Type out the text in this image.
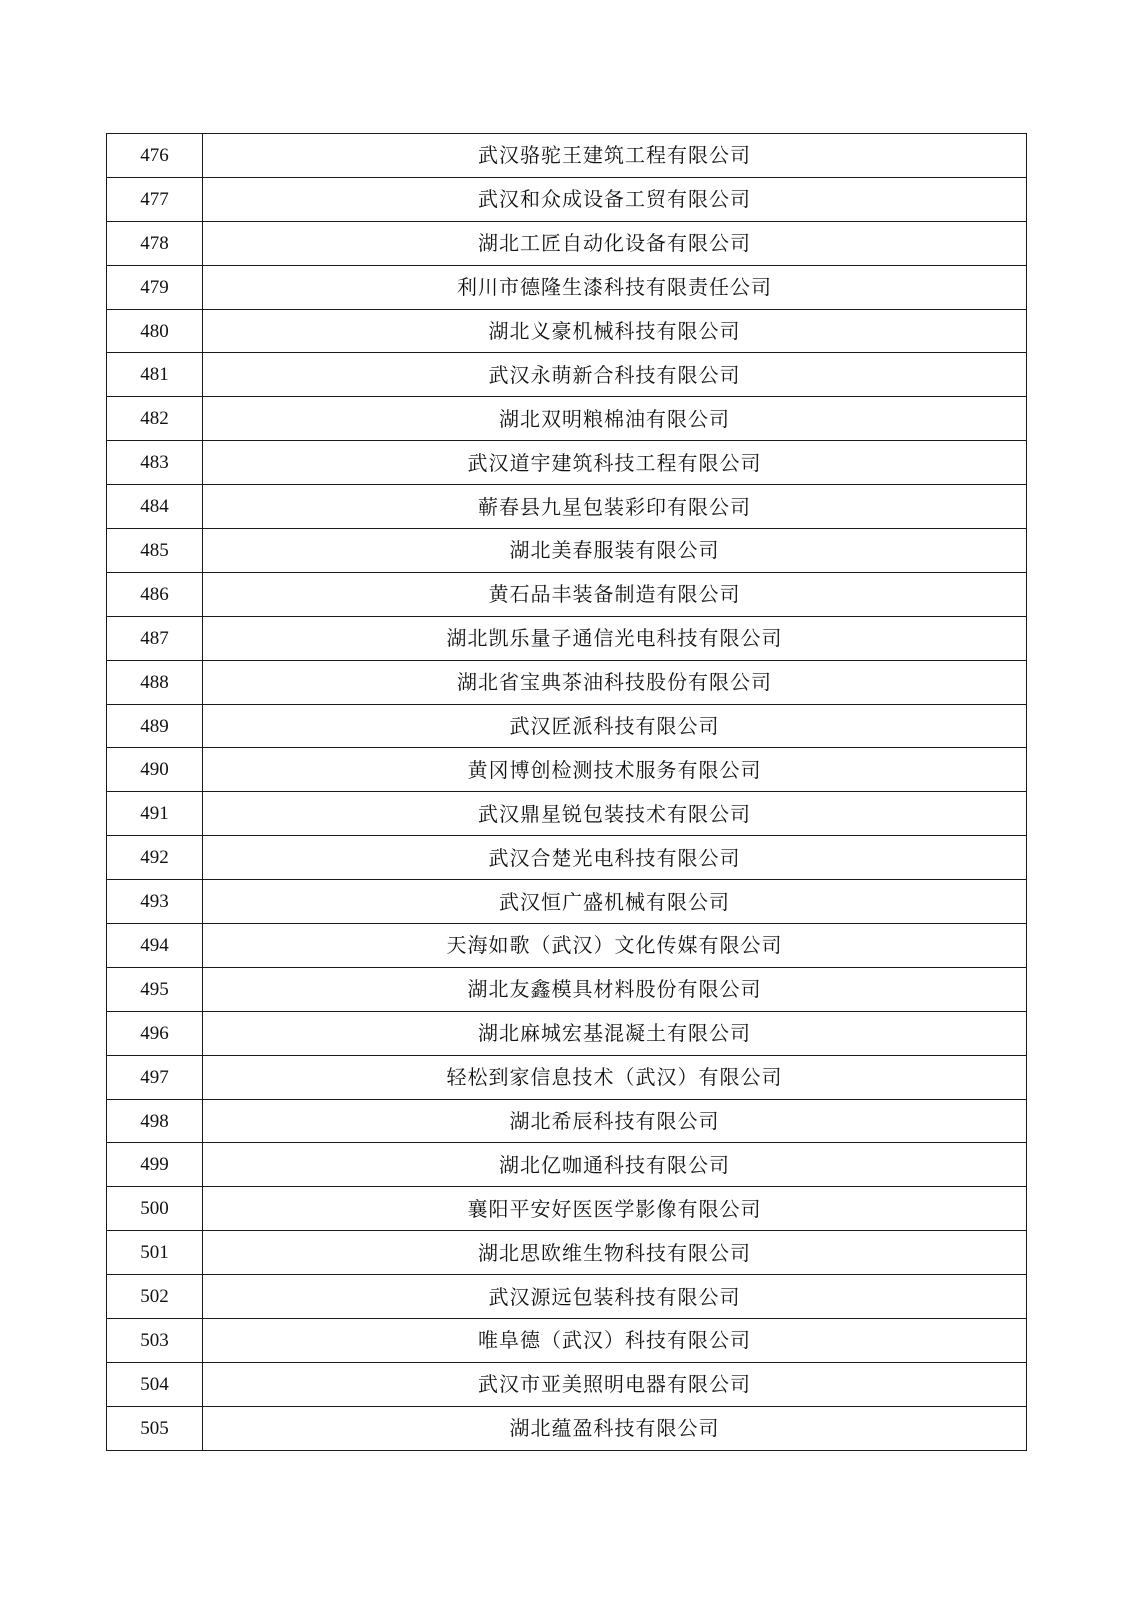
476	武汉骆驼王建筑工程有限公司
477	武汉和众成设备工贸有限公司
478	湖北工匠自动化设备有限公司
479	利川市德隆生漆科技有限责任公司
480	湖北义豪机械科技有限公司
481	武汉永萌新合科技有限公司
482	湖北双明粮棉油有限公司
483	武汉道宇建筑科技工程有限公司
484	蕲春县九星包装彩印有限公司
485	湖北美春服装有限公司
486	黄石品丰装备制造有限公司
487	湖北凯乐量子通信光电科技有限公司
488	湖北省宝典茶油科技股份有限公司
489	武汉匠派科技有限公司
490	黄冈博创检测技术服务有限公司
491	武汉鼎星锐包装技术有限公司
492	武汉合楚光电科技有限公司
493	武汉恒广盛机械有限公司
494	天海如歌（武汉）文化传媒有限公司
495	湖北友鑫模具材料股份有限公司
496	湖北麻城宏基混凝土有限公司
497	轻松到家信息技术（武汉）有限公司
498	湖北希辰科技有限公司
499	湖北亿咖通科技有限公司
500	襄阳平安好医医学影像有限公司
501	湖北思欧维生物科技有限公司
502	武汉源远包装科技有限公司
503	唯阜德（武汉）科技有限公司
504	武汉市亚美照明电器有限公司
505	湖北蕴盈科技有限公司
